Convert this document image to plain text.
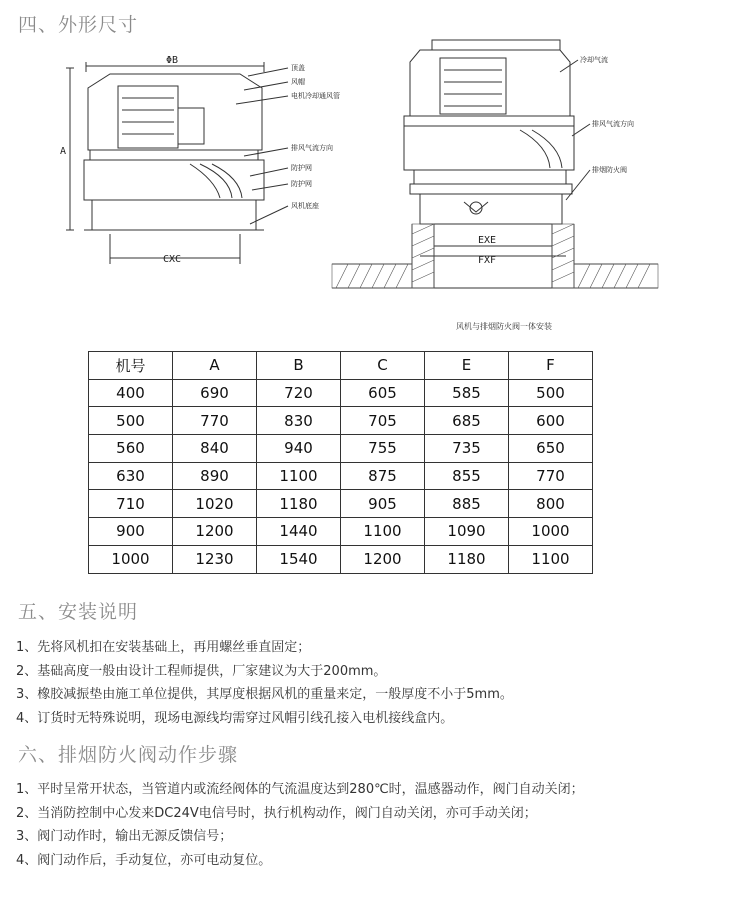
四、外形尺寸
顶盖
风帽
电机冷却通风管
排风气流方向
防护网
防护网
风机底座
ΦB
A
CXC
冷却气流
排风气流方向
排烟防火阀
EXE
FXF
风机与排烟防火阀一体安装
机号	A	B	C	E	F
400	690	720	605	585	500
500	770	830	705	685	600
560	840	940	755	735	650
630	890	1100	875	855	770
710	1020	1180	905	885	800
900	1200	1440	1100	1090	1000
1000	1230	1540	1200	1180	1100
五、安装说明
1、先将风机扣在安装基础上，再用螺丝垂直固定；
2、基础高度一般由设计工程师提供，厂家建议为大于200mm。
3、橡胶减振垫由施工单位提供，其厚度根据风机的重量来定，一般厚度不小于5mm。
4、订货时无特殊说明，现场电源线均需穿过风帽引线孔接入电机接线盒内。
六、排烟防火阀动作步骤
1、平时呈常开状态，当管道内或流经阀体的气流温度达到280℃时，温感器动作，阀门自动关闭；
2、当消防控制中心发来DC24V电信号时，执行机构动作，阀门自动关闭，亦可手动关闭；
3、阀门动作时，输出无源反馈信号；
4、阀门动作后，手动复位，亦可电动复位。
